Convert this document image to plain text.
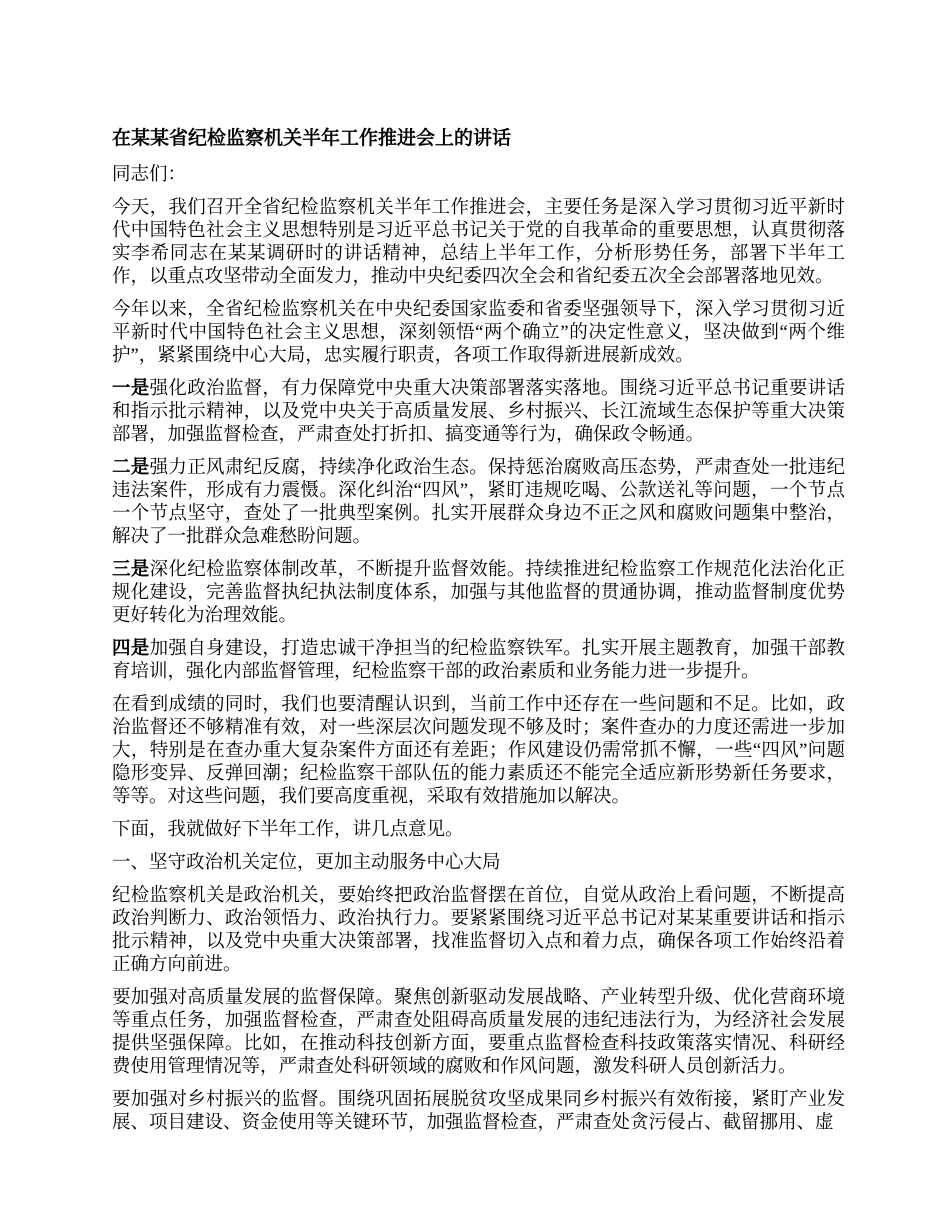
在某某省纪检监察机关半年工作推进会上的讲话

同志们：

今天，我们召开全省纪检监察机关半年工作推进会，主要任务是深入学习贯彻习近平新时代中国特色社会主义思想特别是习近平总书记关于党的自我革命的重要思想，认真贯彻落实李希同志在某某调研时的讲话精神，总结上半年工作，分析形势任务，部署下半年工作，以重点攻坚带动全面发力，推动中央纪委四次全会和省纪委五次全会部署落地见效。

今年以来，全省纪检监察机关在中央纪委国家监委和省委坚强领导下，深入学习贯彻习近平新时代中国特色社会主义思想，深刻领悟“两个确立”的决定性意义，坚决做到“两个维护”，紧紧围绕中心大局，忠实履行职责，各项工作取得新进展新成效。

一是强化政治监督，有力保障党中央重大决策部署落实落地。围绕习近平总书记重要讲话和指示批示精神，以及党中央关于高质量发展、乡村振兴、长江流域生态保护等重大决策部署，加强监督检查，严肃查处打折扣、搞变通等行为，确保政令畅通。

二是强力正风肃纪反腐，持续净化政治生态。保持惩治腐败高压态势，严肃查处一批违纪违法案件，形成有力震慑。深化纠治“四风”，紧盯违规吃喝、公款送礼等问题，一个节点一个节点坚守，查处了一批典型案例。扎实开展群众身边不正之风和腐败问题集中整治，解决了一批群众急难愁盼问题。

三是深化纪检监察体制改革，不断提升监督效能。持续推进纪检监察工作规范化法治化正规化建设，完善监督执纪执法制度体系，加强与其他监督的贯通协调，推动监督制度优势更好转化为治理效能。

四是加强自身建设，打造忠诚干净担当的纪检监察铁军。扎实开展主题教育，加强干部教育培训，强化内部监督管理，纪检监察干部的政治素质和业务能力进一步提升。

在看到成绩的同时，我们也要清醒认识到，当前工作中还存在一些问题和不足。比如，政治监督还不够精准有效，对一些深层次问题发现不够及时；案件查办的力度还需进一步加大，特别是在查办重大复杂案件方面还有差距；作风建设仍需常抓不懈，一些“四风”问题隐形变异、反弹回潮；纪检监察干部队伍的能力素质还不能完全适应新形势新任务要求，等等。对这些问题，我们要高度重视，采取有效措施加以解决。

下面，我就做好下半年工作，讲几点意见。

一、坚守政治机关定位，更加主动服务中心大局

纪检监察机关是政治机关，要始终把政治监督摆在首位，自觉从政治上看问题，不断提高政治判断力、政治领悟力、政治执行力。要紧紧围绕习近平总书记对某某重要讲话和指示批示精神，以及党中央重大决策部署，找准监督切入点和着力点，确保各项工作始终沿着正确方向前进。

要加强对高质量发展的监督保障。聚焦创新驱动发展战略、产业转型升级、优化营商环境等重点任务，加强监督检查，严肃查处阻碍高质量发展的违纪违法行为，为经济社会发展提供坚强保障。比如，在推动科技创新方面，要重点监督检查科技政策落实情况、科研经费使用管理情况等，严肃查处科研领域的腐败和作风问题，激发科研人员创新活力。

要加强对乡村振兴的监督。围绕巩固拓展脱贫攻坚成果同乡村振兴有效衔接，紧盯产业发展、项目建设、资金使用等关键环节，加强监督检查，严肃查处贪污侵占、截留挪用、虚
